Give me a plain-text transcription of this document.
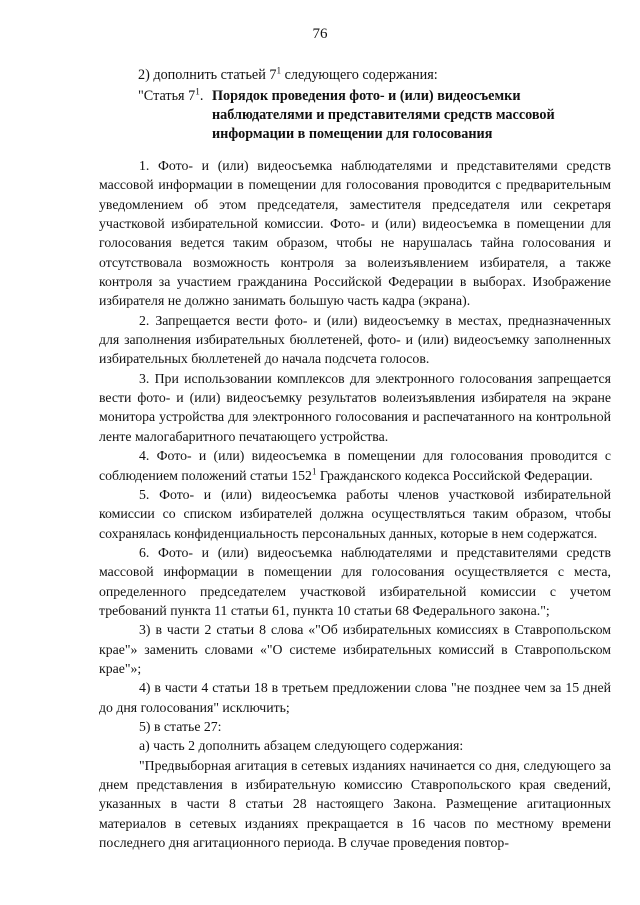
76
2) дополнить статьей $7^1$ следующего содержания:
"Статья $7^1$. Порядок проведения фото- и (или) видеосъемки
наблюдателями и представителями средств массовой
информации в помещении для голосования

1. Фото- и (или) видеосъемка наблюдателями и представителями средств массовой информации в помещении для голосования проводится с предварительным уведомлением об этом председателя, заместителя председателя или секретаря участковой избирательной комиссии. Фото- и (или) видеосъемка в помещении для голосования ведется таким образом, чтобы не нарушалась тайна голосования и отсутствовала возможность контроля за волеизъявлением избирателя, а также контроля за участием гражданина Российской Федерации в выборах. Изображение избирателя не должно занимать большую часть кадра (экрана).

2. Запрещается вести фото- и (или) видеосъемку в местах, предназначенных для заполнения избирательных бюллетеней, фото- и (или) видеосъемку заполненных избирательных бюллетеней до начала подсчета голосов.

3. При использовании комплексов для электронного голосования запрещается вести фото- и (или) видеосъемку результатов волеизъявления избирателя на экране монитора устройства для электронного голосования и распечатанного на контрольной ленте малогабаритного печатающего устройства.

4. Фото- и (или) видеосъемка в помещении для голосования проводится с соблюдением положений статьи $152^1$ Гражданского кодекса Российской Федерации.

5. Фото- и (или) видеосъемка работы членов участковой избирательной комиссии со списком избирателей должна осуществляться таким образом, чтобы сохранялась конфиденциальность персональных данных, которые в нем содержатся.

6. Фото- и (или) видеосъемка наблюдателями и представителями средств массовой информации в помещении для голосования осуществляется с места, определенного председателем участковой избирательной комиссии с учетом требований пункта 11 статьи 61, пункта 10 статьи 68 Федерального закона.";

3) в части 2 статьи 8 слова «"Об избирательных комиссиях в Ставропольском крае"» заменить словами «"О системе избирательных комиссий в Ставропольском крае"»;

4) в части 4 статьи 18 в третьем предложении слова "не позднее чем за 15 дней до дня голосования" исключить;

5) в статье 27:

а) часть 2 дополнить абзацем следующего содержания:

"Предвыборная агитация в сетевых изданиях начинается со дня, следующего за днем представления в избирательную комиссию Ставропольского края сведений, указанных в части 8 статьи 28 настоящего Закона. Размещение агитационных материалов в сетевых изданиях прекращается в 16 часов по местному времени последнего дня агитационного периода. В случае проведения повтор-
